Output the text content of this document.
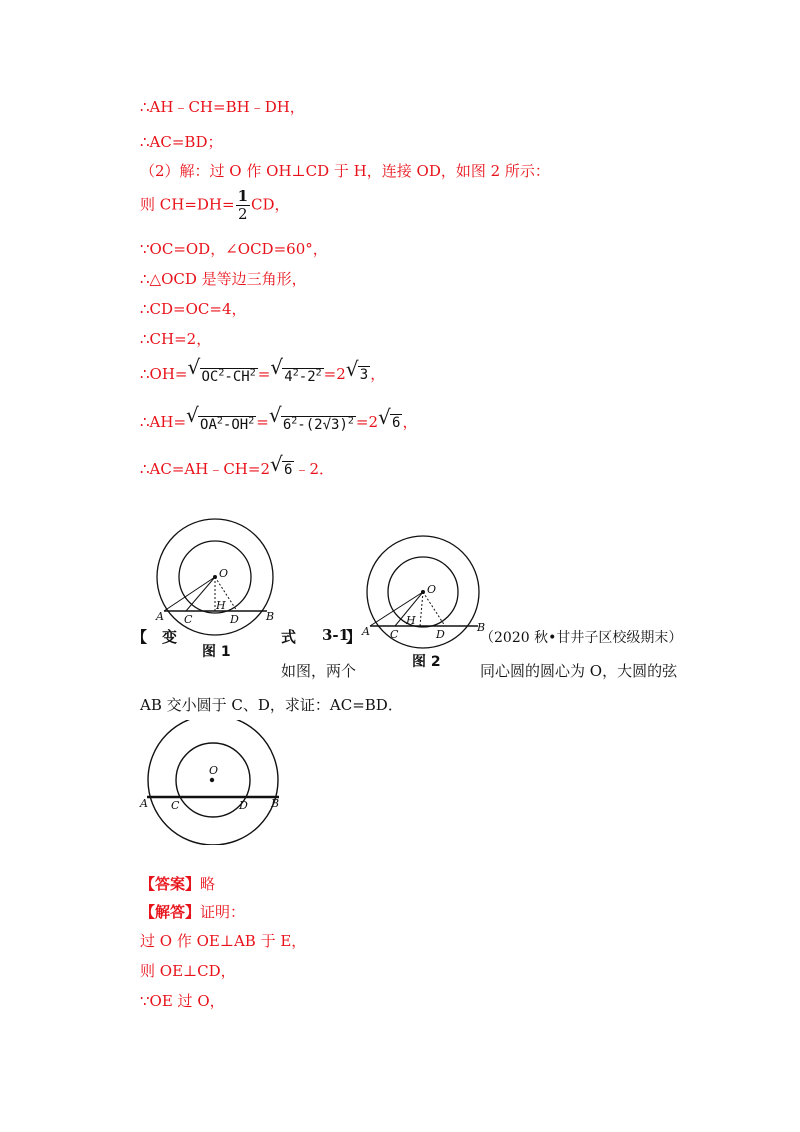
∴AH﹣CH=BH﹣DH，
∴AC=BD；
（2）解：过 O 作 OH⊥CD 于 H，连接 OD，如图 2 所示：
则 $CH=DH= \frac{1}{2}$ CD，
∵OC=OD，∠OCD=60°，
∴△OCD 是等边三角形，
∴CD=OC=4，
∴CH=2，
∴OH= √ $OC^2-CH^2$ = √ $4^2-2^2 =2$ √ 3 ，
∴AH= √ $OA^2-OH^2$ = √ $6^2-(2√3)^2 =2$ √ 6 ，
∴AC=AH﹣CH=2 √ 6 ﹣2．
O
A	B
C	D
H
图 1
O
A	B
C	D
H
图 2
【 变	式 3-1
】	（2020 秋•甘井子区校级期末）
如图，两个	同心圆的圆心为 O，大圆的弦
AB 交小圆于 C、D，求证：AC=BD．
O
A	B
C	D
【答案】略
【解答】证明：
过 O 作 OE⊥AB 于 E，
则 OE⊥CD，
∵OE 过 O，
